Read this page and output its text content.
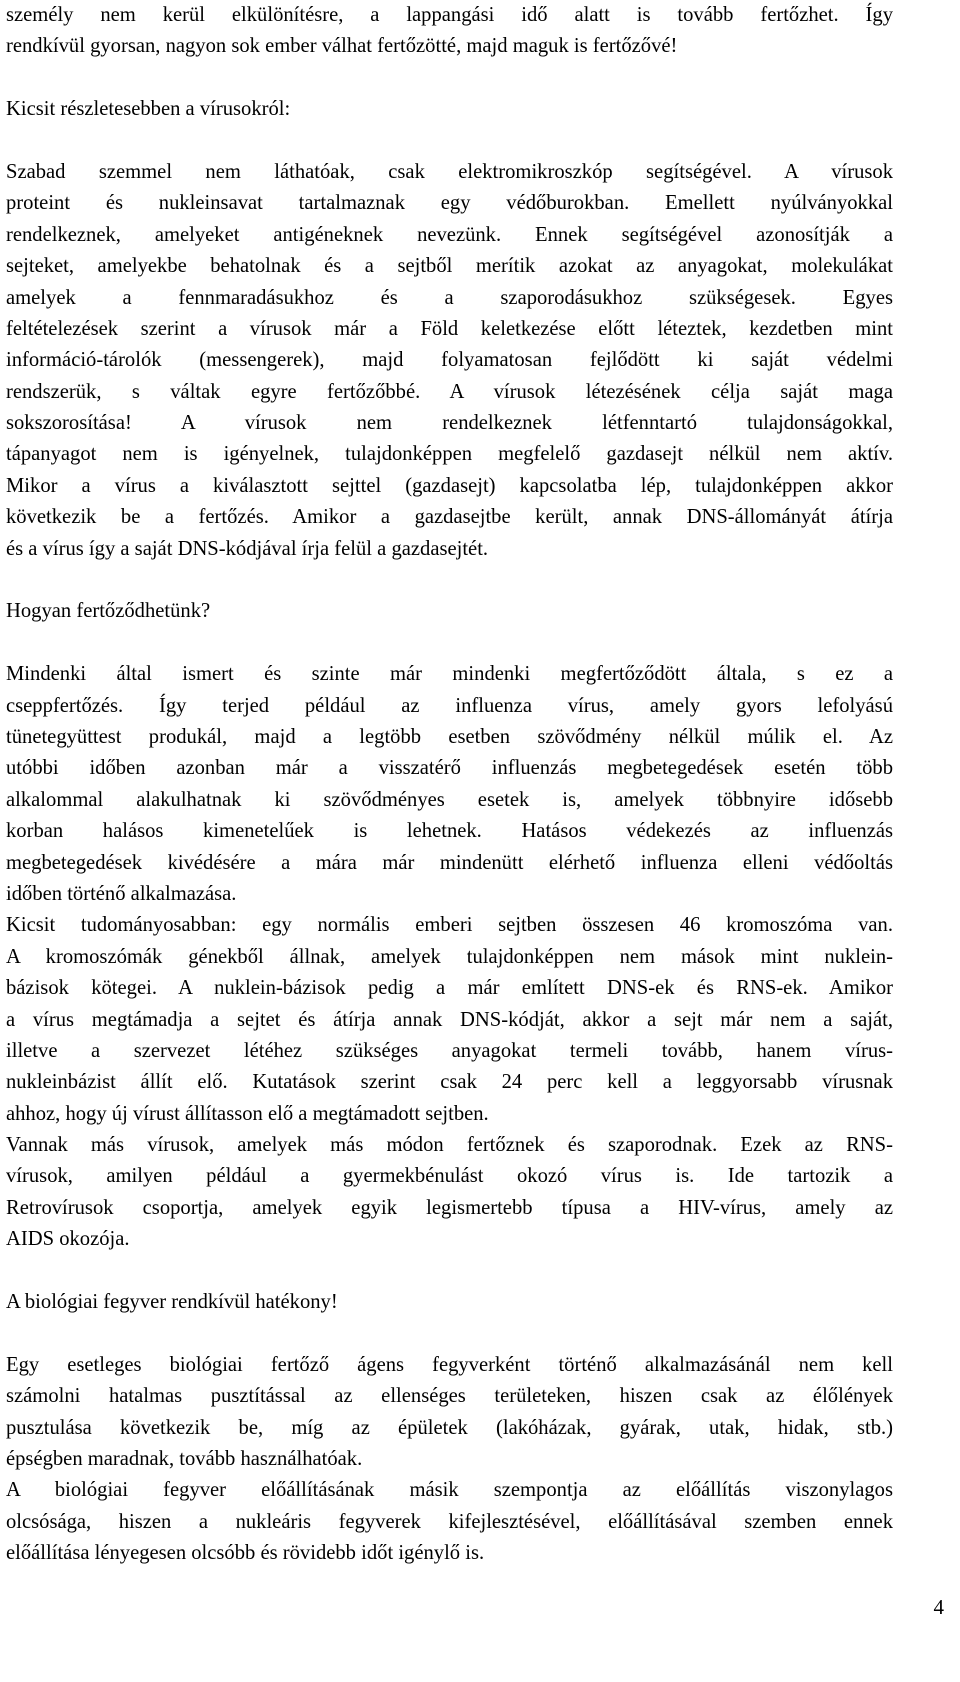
személy nem kerül elkülönítésre, a lappangási idő alatt is tovább fertőzhet. Így
rendkívül gyorsan, nagyon sok ember válhat fertőzötté, majd maguk is fertőzővé!
Kicsit részletesebben a vírusokról:
Szabad szemmel nem láthatóak, csak elektromikroszkóp segítségével. A vírusok
proteint és nukleinsavat tartalmaznak egy védőburokban. Emellett nyúlványokkal
rendelkeznek, amelyeket antigéneknek nevezünk. Ennek segítségével azonosítják a
sejteket, amelyekbe behatolnak és a sejtből merítik azokat az anyagokat, molekulákat
amelyek a fennmaradásukhoz és a szaporodásukhoz szükségesek. Egyes
feltételezések szerint a vírusok már a Föld keletkezése előtt léteztek, kezdetben mint
információ-tárolók (messengerek), majd folyamatosan fejlődött ki saját védelmi
rendszerük, s váltak egyre fertőzőbbé. A vírusok létezésének célja saját maga
sokszorosítása! A vírusok nem rendelkeznek létfenntartó tulajdonságokkal,
tápanyagot nem is igényelnek, tulajdonképpen megfelelő gazdasejt nélkül nem aktív.
Mikor a vírus a kiválasztott sejttel (gazdasejt) kapcsolatba lép, tulajdonképpen akkor
következik be a fertőzés. Amikor a gazdasejtbe került, annak DNS-állományát átírja
és a vírus így a saját DNS-kódjával írja felül a gazdasejtét.
Hogyan fertőződhetünk?
Mindenki által ismert és szinte már mindenki megfertőződött általa, s ez a
cseppfertőzés. Így terjed például az influenza vírus, amely gyors lefolyású
tünetegyüttest produkál, majd a legtöbb esetben szövődmény nélkül múlik el. Az
utóbbi időben azonban már a visszatérő influenzás megbetegedések esetén több
alkalommal alakulhatnak ki szövődményes esetek is, amelyek többnyire idősebb
korban halásos kimenetelűek is lehetnek. Hatásos védekezés az influenzás
megbetegedések kivédésére a mára már mindenütt elérhető influenza elleni védőoltás
időben történő alkalmazása.
Kicsit tudományosabban: egy normális emberi sejtben összesen 46 kromoszóma van.
A kromoszómák génekből állnak, amelyek tulajdonképpen nem mások mint nuklein-
bázisok kötegei. A nuklein-bázisok pedig a már említett DNS-ek és RNS-ek. Amikor
a vírus megtámadja a sejtet és átírja annak DNS-kódját, akkor a sejt már nem a saját,
illetve a szervezet létéhez szükséges anyagokat termeli tovább, hanem vírus-
nukleinbázist állít elő. Kutatások szerint csak 24 perc kell a leggyorsabb vírusnak
ahhoz, hogy új vírust állítasson elő a megtámadott sejtben.
Vannak más vírusok, amelyek más módon fertőznek és szaporodnak. Ezek az RNS-
vírusok, amilyen például a gyermekbénulást okozó vírus is. Ide tartozik a
Retrovírusok csoportja, amelyek egyik legismertebb típusa a HIV-vírus, amely az
AIDS okozója.
A biológiai fegyver rendkívül hatékony!
Egy esetleges biológiai fertőző ágens fegyverként történő alkalmazásánál nem kell
számolni hatalmas pusztítással az ellenséges területeken, hiszen csak az élőlények
pusztulása következik be, míg az épületek (lakóházak, gyárak, utak, hidak, stb.)
épségben maradnak, tovább használhatóak.
A biológiai fegyver előállításának másik szempontja az előállítás viszonylagos
olcsósága, hiszen a nukleáris fegyverek kifejlesztésével, előállításával szemben ennek
előállítása lényegesen olcsóbb és rövidebb időt igénylő is.
4
